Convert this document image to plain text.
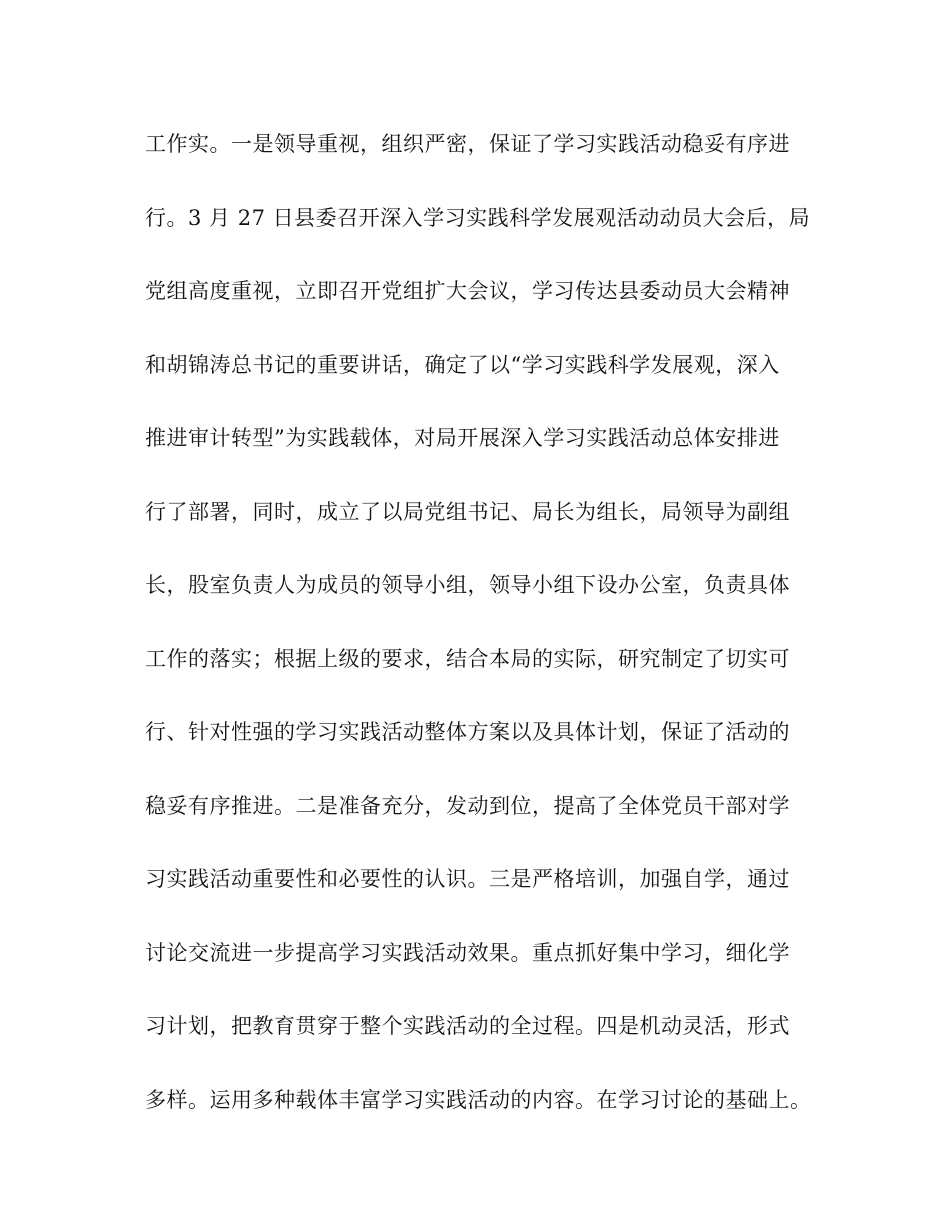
工作实。一是领导重视，组织严密，保证了学习实践活动稳妥有序进
行。3 月 27 日县委召开深入学习实践科学发展观活动动员大会后，局
党组高度重视，立即召开党组扩大会议，学习传达县委动员大会精神
和胡锦涛总书记的重要讲话，确定了以“学习实践科学发展观，深入
推进审计转型”为实践载体，对局开展深入学习实践活动总体安排进
行了部署，同时，成立了以局党组书记、局长为组长，局领导为副组
长，股室负责人为成员的领导小组，领导小组下设办公室，负责具体
工作的落实；根据上级的要求，结合本局的实际，研究制定了切实可
行、针对性强的学习实践活动整体方案以及具体计划，保证了活动的
稳妥有序推进。二是准备充分，发动到位，提高了全体党员干部对学
习实践活动重要性和必要性的认识。三是严格培训，加强自学，通过
讨论交流进一步提高学习实践活动效果。重点抓好集中学习，细化学
习计划，把教育贯穿于整个实践活动的全过程。四是机动灵活，形式
多样。运用多种载体丰富学习实践活动的内容。在学习讨论的基础上。
